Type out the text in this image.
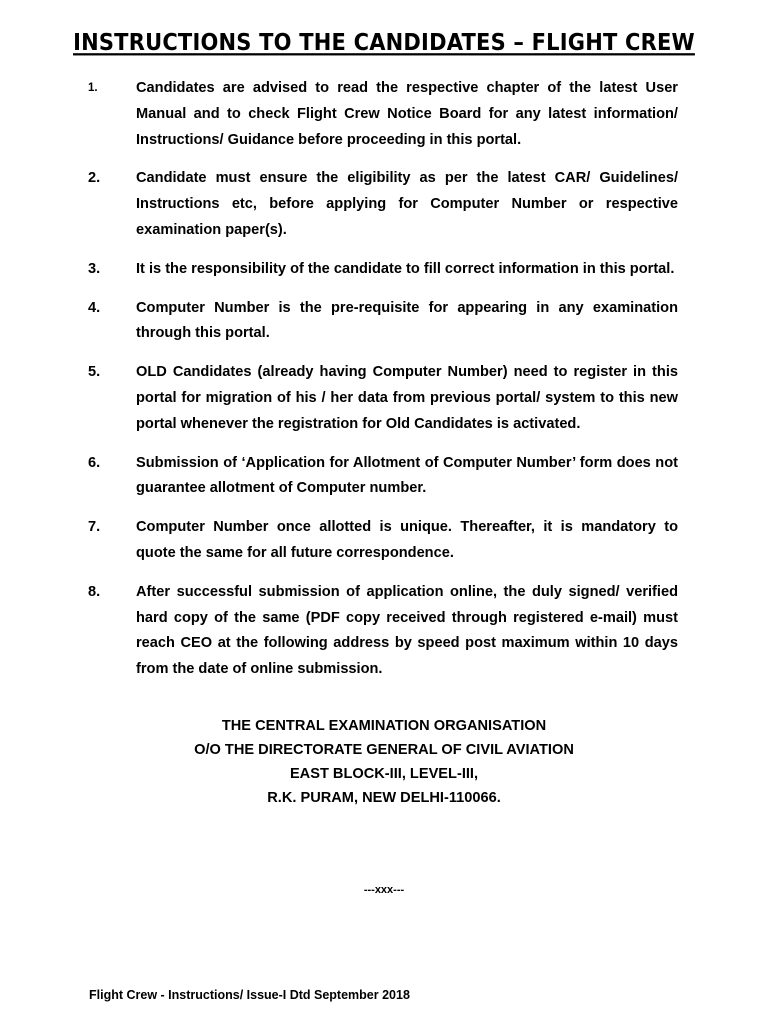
INSTRUCTIONS TO THE CANDIDATES – FLIGHT CREW
1.	Candidates are advised to read the respective chapter of the latest User Manual and to check Flight Crew Notice Board for any latest information/ Instructions/ Guidance before proceeding in this portal.
2.	Candidate must ensure the eligibility as per the latest CAR/ Guidelines/ Instructions etc, before applying for Computer Number or respective examination paper(s).
3.	It is the responsibility of the candidate to fill correct information in this portal.
4.	Computer Number is the pre-requisite for appearing in any examination through this portal.
5.	OLD Candidates (already having Computer Number) need to register in this portal for migration of his / her data from previous portal/ system to this new portal whenever the registration for Old Candidates is activated.
6.	Submission of ‘Application for Allotment of Computer Number’ form does not guarantee allotment of Computer number.
7.	Computer Number once allotted is unique. Thereafter, it is mandatory to quote the same for all future correspondence.
8.	After successful submission of application online, the duly signed/ verified hard copy of the same (PDF copy received through registered e-mail) must reach CEO at the following address by speed post maximum within 10 days from the date of online submission.
THE CENTRAL EXAMINATION ORGANISATION
O/O THE DIRECTORATE GENERAL OF CIVIL AVIATION
EAST BLOCK-III, LEVEL-III,
R.K. PURAM, NEW DELHI-110066.
---xxx---
Flight Crew - Instructions/ Issue-I Dtd September 2018
